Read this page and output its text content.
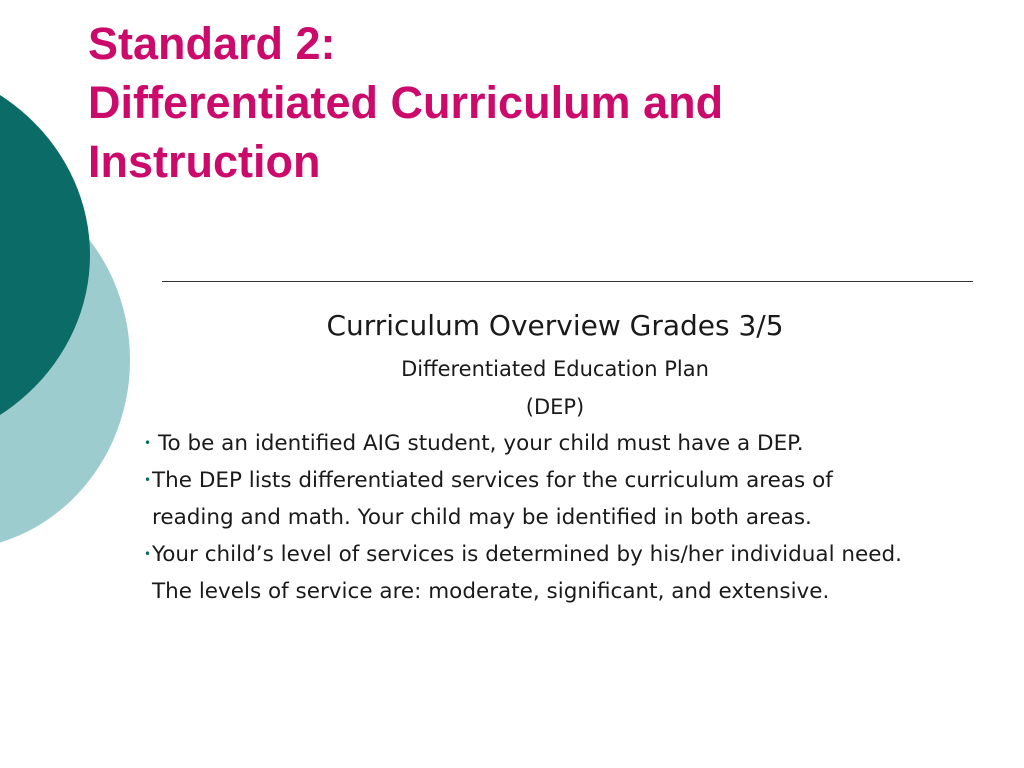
Standard 2:
Differentiated Curriculum and
Instruction

Curriculum Overview Grades 3/5

Differentiated Education Plan

(DEP)

• To be an identified AIG student, your child must have a DEP.
• The DEP lists differentiated services for the curriculum areas of reading and math. Your child may be identified in both areas.
• Your child’s level of services is determined by his/her individual need. The levels of service are: moderate, significant, and extensive.
